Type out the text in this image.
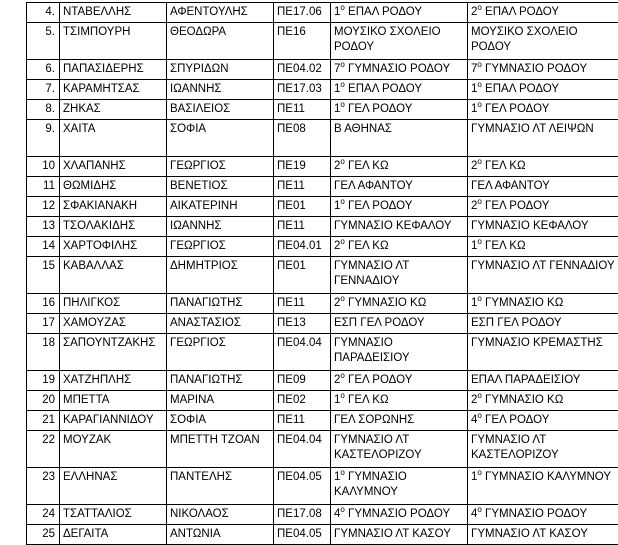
4.	ΝΤΑΒΕΛΛΗΣ	ΑΦΕΝΤΟΥΛΗΣ	ΠΕ17.06	$1^o$ ΕΠΑΛ ΡΟΔΟΥ	$2^o$ ΕΠΑΛ ΡΟΔΟΥ
5.	ΤΣΙΜΠΟΥΡΗ	ΘΕΟΔΩΡΑ	ΠΕ16	ΜΟΥΣΙΚΟ ΣΧΟΛΕΙΟ ΡΟΔΟΥ	ΜΟΥΣΙΚΟ ΣΧΟΛΕΙΟ ΡΟΔΟΥ
6.	ΠΑΠΑΣΙΔΕΡΗΣ	ΣΠΥΡΙΔΩΝ	ΠΕ04.02	$7^o$ ΓΥΜΝΑΣΙΟ ΡΟΔΟΥ	$7^o$ ΓΥΜΝΑΣΙΟ ΡΟΔΟΥ
7.	ΚΑΡΑΜΗΤΣΑΣ	ΙΩΑΝΝΗΣ	ΠΕ17.03	$1^o$ ΕΠΑΛ ΡΟΔΟΥ	$1^o$ ΕΠΑΛ ΡΟΔΟΥ
8.	ΖΗΚΑΣ	ΒΑΣΙΛΕΙΟΣ	ΠΕ11	$1^o$ ΓΕΛ ΡΟΔΟΥ	$1^o$ ΓΕΛ ΡΟΔΟΥ
9.	ΧΑΙΤΑ	ΣΟΦΙΑ	ΠΕ08	Β ΑΘΗΝΑΣ	ΓΥΜΝΑΣΙΟ ΛΤ ΛΕΙΨΩΝ
10	ΧΛΑΠΑΝΗΣ	ΓΕΩΡΓΙΟΣ	ΠΕ19	$2^o$ ΓΕΛ ΚΩ	$2^o$ ΓΕΛ ΚΩ
11	ΘΩΜΙΔΗΣ	ΒΕΝΕΤΙΟΣ	ΠΕ11	ΓΕΛ ΑΦΑΝΤΟΥ	ΓΕΛ ΑΦΑΝΤΟΥ
12	ΣΦΑΚΙΑΝΑΚΗ	ΑΙΚΑΤΕΡΙΝΗ	ΠΕ01	$1^o$ ΓΕΛ ΡΟΔΟΥ	$2^o$ ΓΕΛ ΡΟΔΟΥ
13	ΤΣΟΛΑΚΙΔΗΣ	ΙΩΑΝΝΗΣ	ΠΕ11	ΓΥΜΝΑΣΙΟ ΚΕΦΑΛΟΥ	ΓΥΜΝΑΣΙΟ ΚΕΦΑΛΟΥ
14	ΧΑΡΤΟΦΙΛΗΣ	ΓΕΩΡΓΙΟΣ	ΠΕ04.01	$2^o$ ΓΕΛ ΚΩ	$1^o$ ΓΕΛ ΚΩ
15	ΚΑΒΑΛΛΑΣ	ΔΗΜΗΤΡΙΟΣ	ΠΕ01	ΓΥΜΝΑΣΙΟ ΛΤ ΓΕΝΝΑΔΙΟΥ	ΓΥΜΝΑΣΙΟ ΛΤ ΓΕΝΝΑΔΙΟΥ
16	ΠΗΛΙΓΚΟΣ	ΠΑΝΑΓΙΩΤΗΣ	ΠΕ11	$2^o$ ΓΥΜΝΑΣΙΟ ΚΩ	$1^o$ ΓΥΜΝΑΣΙΟ ΚΩ
17	ΧΑΜΟΥΖΑΣ	ΑΝΑΣΤΑΣΙΟΣ	ΠΕ13	ΕΣΠ ΓΕΛ ΡΟΔΟΥ	ΕΣΠ ΓΕΛ ΡΟΔΟΥ
18	ΣΑΠΟΥΝΤΖΑΚΗΣ	ΓΕΩΡΓΙΟΣ	ΠΕ04.04	ΓΥΜΝΑΣΙΟ ΠΑΡΑΔΕΙΣΙΟΥ	ΓΥΜΝΑΣΙΟ ΚΡΕΜΑΣΤΗΣ
19	ΧΑΤΖΗΠΛΗΣ	ΠΑΝΑΓΙΩΤΗΣ	ΠΕ09	$2^o$ ΓΕΛ ΡΟΔΟΥ	ΕΠΑΛ ΠΑΡΑΔΕΙΣΙΟΥ
20	ΜΠΕΤΤΑ	ΜΑΡΙΝΑ	ΠΕ02	$1^o$ ΓΕΛ ΚΩ	$2^o$ ΓΥΜΝΑΣΙΟ ΚΩ
21	ΚΑΡΑΓΙΑΝΝΙΔΟΥ	ΣΟΦΙΑ	ΠΕ11	ΓΕΛ ΣΟΡΩΝΗΣ	$4^o$ ΓΕΛ ΡΟΔΟΥ
22	ΜΟΥΖΑΚ	ΜΠΕΤΤΗ ΤΖΟΑΝ	ΠΕ04.04	ΓΥΜΝΑΣΙΟ ΛΤ ΚΑΣΤΕΛΟΡΙΖΟΥ	ΓΥΜΝΑΣΙΟ ΛΤ ΚΑΣΤΕΛΟΡΙΖΟΥ
23	ΕΛΛΗΝΑΣ	ΠΑΝΤΕΛΗΣ	ΠΕ04.05	$1^o$ ΓΥΜΝΑΣΙΟ ΚΑΛΥΜΝΟΥ	$1^o$ ΓΥΜΝΑΣΙΟ ΚΑΛΥΜΝΟΥ
24	ΤΣΑΤΤΑΛΙΟΣ	ΝΙΚΟΛΑΟΣ	ΠΕ17.08	$4^o$ ΓΥΜΝΑΣΙΟ ΡΟΔΟΥ	$4^o$ ΓΥΜΝΑΣΙΟ ΡΟΔΟΥ
25	ΔΕΓΑΙΤΑ	ΑΝΤΩΝΙΑ	ΠΕ04.05	ΓΥΜΝΑΣΙΟ ΛΤ ΚΑΣΟΥ	ΓΥΜΝΑΣΙΟ ΛΤ ΚΑΣΟΥ
